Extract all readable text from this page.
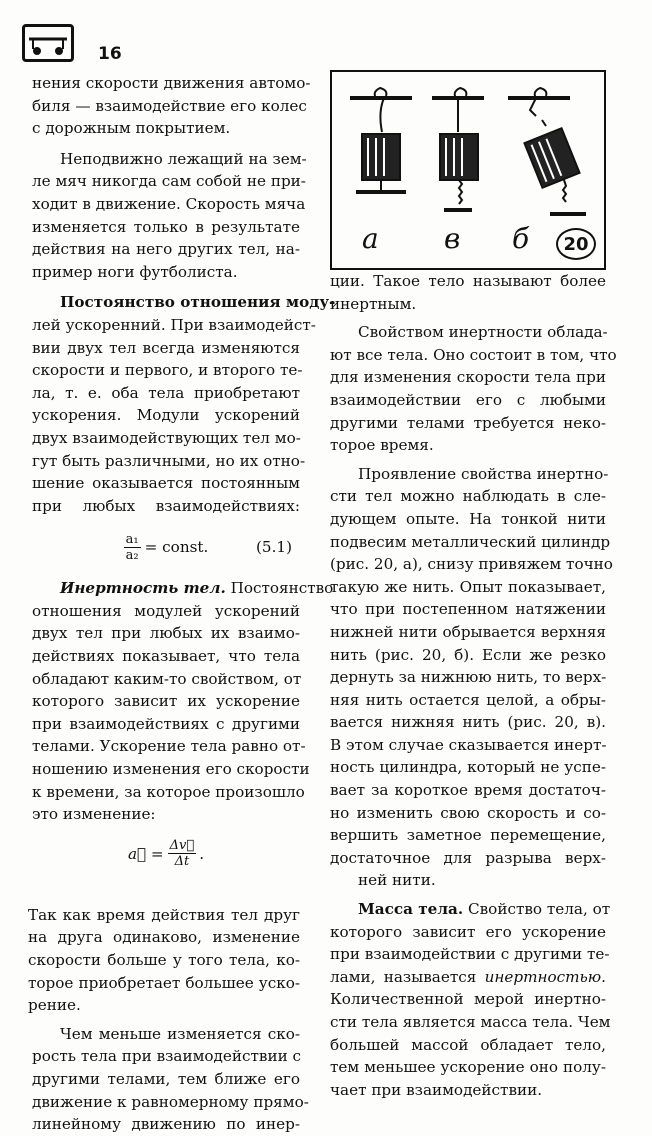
16
а в б	20

нения скорости движения автомо-
биля — взаимодействие его колес
с дорожным покрытием.

Неподвижно лежащий на зем-
ле мяч никогда сам собой не при-
ходит в движение. Скорость мяча
изменяется только в результате
действия на него других тел, на-
пример ноги футболиста.

Постоянство отношения моду-
лей ускоренний. При взаимодейст-
вии двух тел всегда изменяются
скорости и первого, и второго те-
ла, т. е. оба тела приобретают
ускорения. Модули ускорений
двух взаимодействующих тел мо-
гут быть различными, но их отно-
шение оказывается постоянным
при любых взаимодействиях:

$\frac{\text{a₁}}{\text{a₂}}$ = const.	(5.1)

Инертность тел. Постоянство
отношения модулей ускорений
двух тел при любых их взаимо-
действиях показывает, что тела
обладают каким-то свойством, от
которого зависит их ускорение
при взаимодействиях с другими
телами. Ускорение тела равно от-
ношению изменения его скорости
к времени, за которое произошло
это изменение:

a⃗ = $\frac{\Delta v⃗}{\Delta t}$ .

Так как время действия тел друг
на друга одинаково, изменение
скорости больше у того тела, ко-
торое приобретает большее уско-
рение.

Чем меньше изменяется ско-
рость тела при взаимодействии с
другими телами, тем ближе его
движение к равномерному прямо-
линейному движению по инер-

ции. Такое тело называют более
инертным.

Свойством инертности облада-
ют все тела. Оно состоит в том, что
для изменения скорости тела при
взаимодействии его с любыми
другими телами требуется неко-
торое время.

Проявление свойства инертно-
сти тел можно наблюдать в сле-
дующем опыте. На тонкой нити
подвесим металлический цилиндр
(рис. 20, а), снизу привяжем точно
такую же нить. Опыт показывает,
что при постепенном натяжении
нижней нити обрывается верхняя
нить (рис. 20, б). Если же резко
дернуть за нижнюю нить, то верх-
няя нить остается целой, а обры-
вается нижняя нить (рис. 20, в).
В этом случае сказывается инерт-
ность цилиндра, который не успе-
вает за короткое время достаточ-
но изменить свою скорость и со-
вершить заметное перемещение,
достаточное для разрыва верх-
ней нити.

Масса тела. Свойство тела, от
которого зависит его ускорение
при взаимодействии с другими те-
лами, называется инертностью.
Количественной мерой инертно-
сти тела является масса тела. Чем
большей массой обладает тело,
тем меньшее ускорение оно полу-
чает при взаимодействии.
